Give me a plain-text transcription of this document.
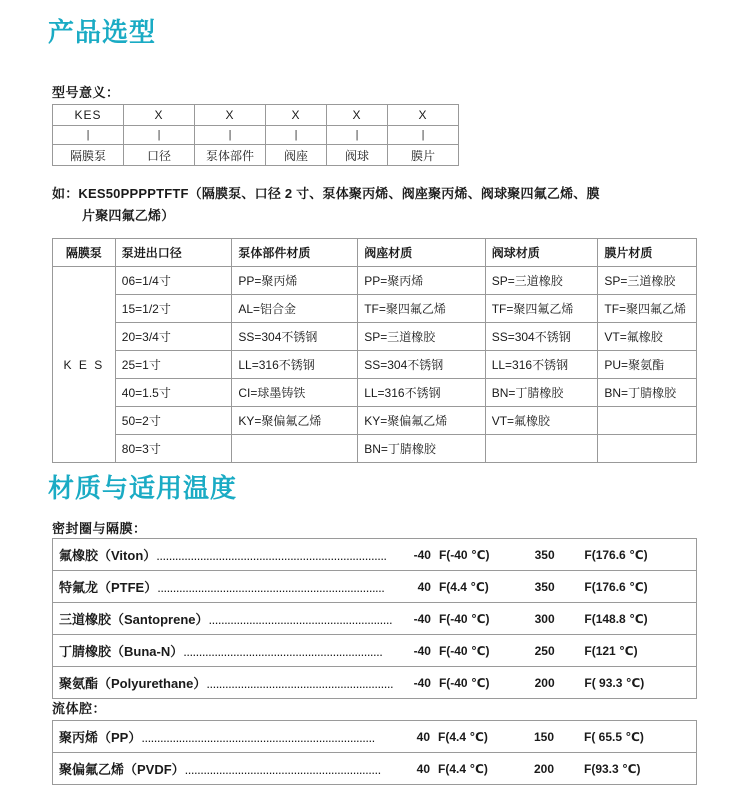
产品选型
型号意义：
KES	X	X	X	X	X
|	|	|	|	|	|
隔膜泵	口径	泵体部件	阀座	阀球	膜片
如：KES50PPPPTFTF（隔膜泵、口径 2 寸、泵体聚丙烯、阀座聚丙烯、阀球聚四氟乙烯、膜
片聚四氟乙烯）
隔膜泵	泵进出口径	泵体部件材质	阀座材质	阀球材质	膜片材质
K E S	06=1/4寸	PP=聚丙烯	PP=聚丙烯	SP=三道橡胶	SP=三道橡胶
	15=1/2寸	AL=铝合金	TF=聚四氟乙烯	TF=聚四氟乙烯	TF=聚四氟乙烯
	20=3/4寸	SS=304不锈钢	SP=三道橡胶	SS=304不锈钢	VT=氟橡胶
	25=1寸	LL=316不锈钢	SS=304不锈钢	LL=316不锈钢	PU=聚氨酯
	40=1.5寸	CI=球墨铸铁	LL=316不锈钢	BN=丁腈橡胶	BN=丁腈橡胶
	50=2寸	KY=聚偏氟乙烯	KY=聚偏氟乙烯	VT=氟橡胶	
	80=3寸		BN=丁腈橡胶		
材质与适用温度
密封圈与隔膜：
氟橡胶（Viton）..........................................................................	-40	F(-40 ℃)	350	F(176.6 ℃)
特氟龙（PTFE）.........................................................................	40	F(4.4 ℃)	350	F(176.6 ℃)
三道橡胶（Santoprene）...........................................................	-40	F(-40 ℃)	300	F(148.8 ℃)
丁腈橡胶（Buna-N）................................................................	-40	F(-40 ℃)	250	F(121 ℃)
聚氨酯（Polyurethane）............................................................	-40	F(-40 ℃)	200	F( 93.3 ℃)
流体腔：
聚丙烯（PP）...........................................................................	40	F(4.4 ℃)	150	F( 65.5 ℃)
聚偏氟乙烯（PVDF）...............................................................	40	F(4.4 ℃)	200	F(93.3 ℃)
